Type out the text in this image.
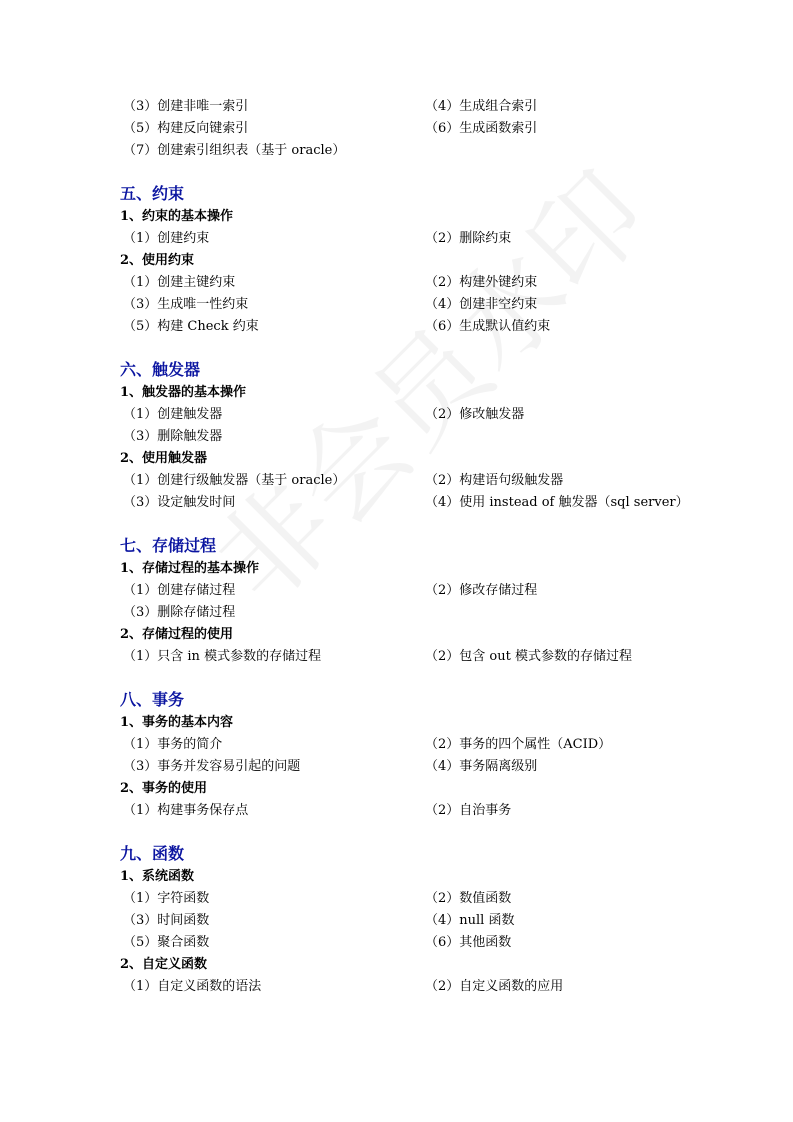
（3）创建非唯一索引	（4）生成组合索引
（5）构建反向键索引	（6）生成函数索引
（7）创建索引组织表（基于 oracle）
五、约束
1、约束的基本操作
（1）创建约束	（2）删除约束
2、使用约束
（1）创建主键约束	（2）构建外键约束
（3）生成唯一性约束	（4）创建非空约束
（5）构建 Check 约束	（6）生成默认值约束
六、触发器
1、触发器的基本操作
（1）创建触发器	（2）修改触发器
（3）删除触发器
2、使用触发器
（1）创建行级触发器（基于 oracle）	（2）构建语句级触发器
（3）设定触发时间	（4）使用 instead of 触发器（sql server）
七、存储过程
1、存储过程的基本操作
（1）创建存储过程	（2）修改存储过程
（3）删除存储过程
2、存储过程的使用
（1）只含 in 模式参数的存储过程	（2）包含 out 模式参数的存储过程
八、事务
1、事务的基本内容
（1）事务的简介	（2）事务的四个属性（ACID）
（3）事务并发容易引起的问题	（4）事务隔离级别
2、事务的使用
（1）构建事务保存点	（2）自治事务
九、函数
1、系统函数
（1）字符函数	（2）数值函数
（3）时间函数	（4）null 函数
（5）聚合函数	（6）其他函数
2、自定义函数
（1）自定义函数的语法	（2）自定义函数的应用
